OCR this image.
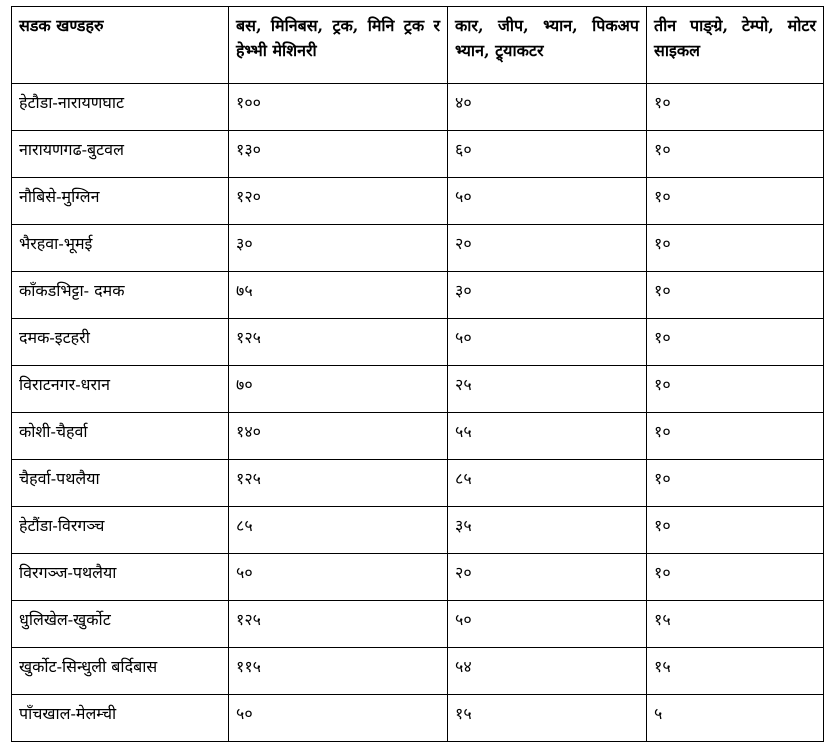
सडक खण्डहरु	बस, मिनिबस, ट्रक, मिनि ट्रक र हेभ्भी मेशिनरी	कार, जीप, भ्यान, पिकअप भ्यान, ट्र्याकटर	तीन पाङ्ग्रे, टेम्पो, मोटर साइकल
हेटौडा-नारायणघाट	१००	४०	१०
नारायणगढ-बुटवल	१३०	६०	१०
नौबिसे-मुग्लिन	१२०	५०	१०
भैरहवा-भूमई	३०	२०	१०
काँकडभिट्टा- दमक	७५	३०	१०
दमक-इटहरी	१२५	५०	१०
विराटनगर-धरान	७०	२५	१०
कोशी-चैहर्वा	१४०	५५	१०
चैहर्वा-पथलैया	१२५	८५	१०
हेटौंडा-विरगञ्च	८५	३५	१०
विरगञ्ज-पथलैया	५०	२०	१०
धुलिखेल-खुर्कोट	१२५	५०	१५
खुर्कोट-सिन्धुली बर्दिबास	११५	५४	१५
पाँचखाल-मेलम्ची	५०	१५	५
